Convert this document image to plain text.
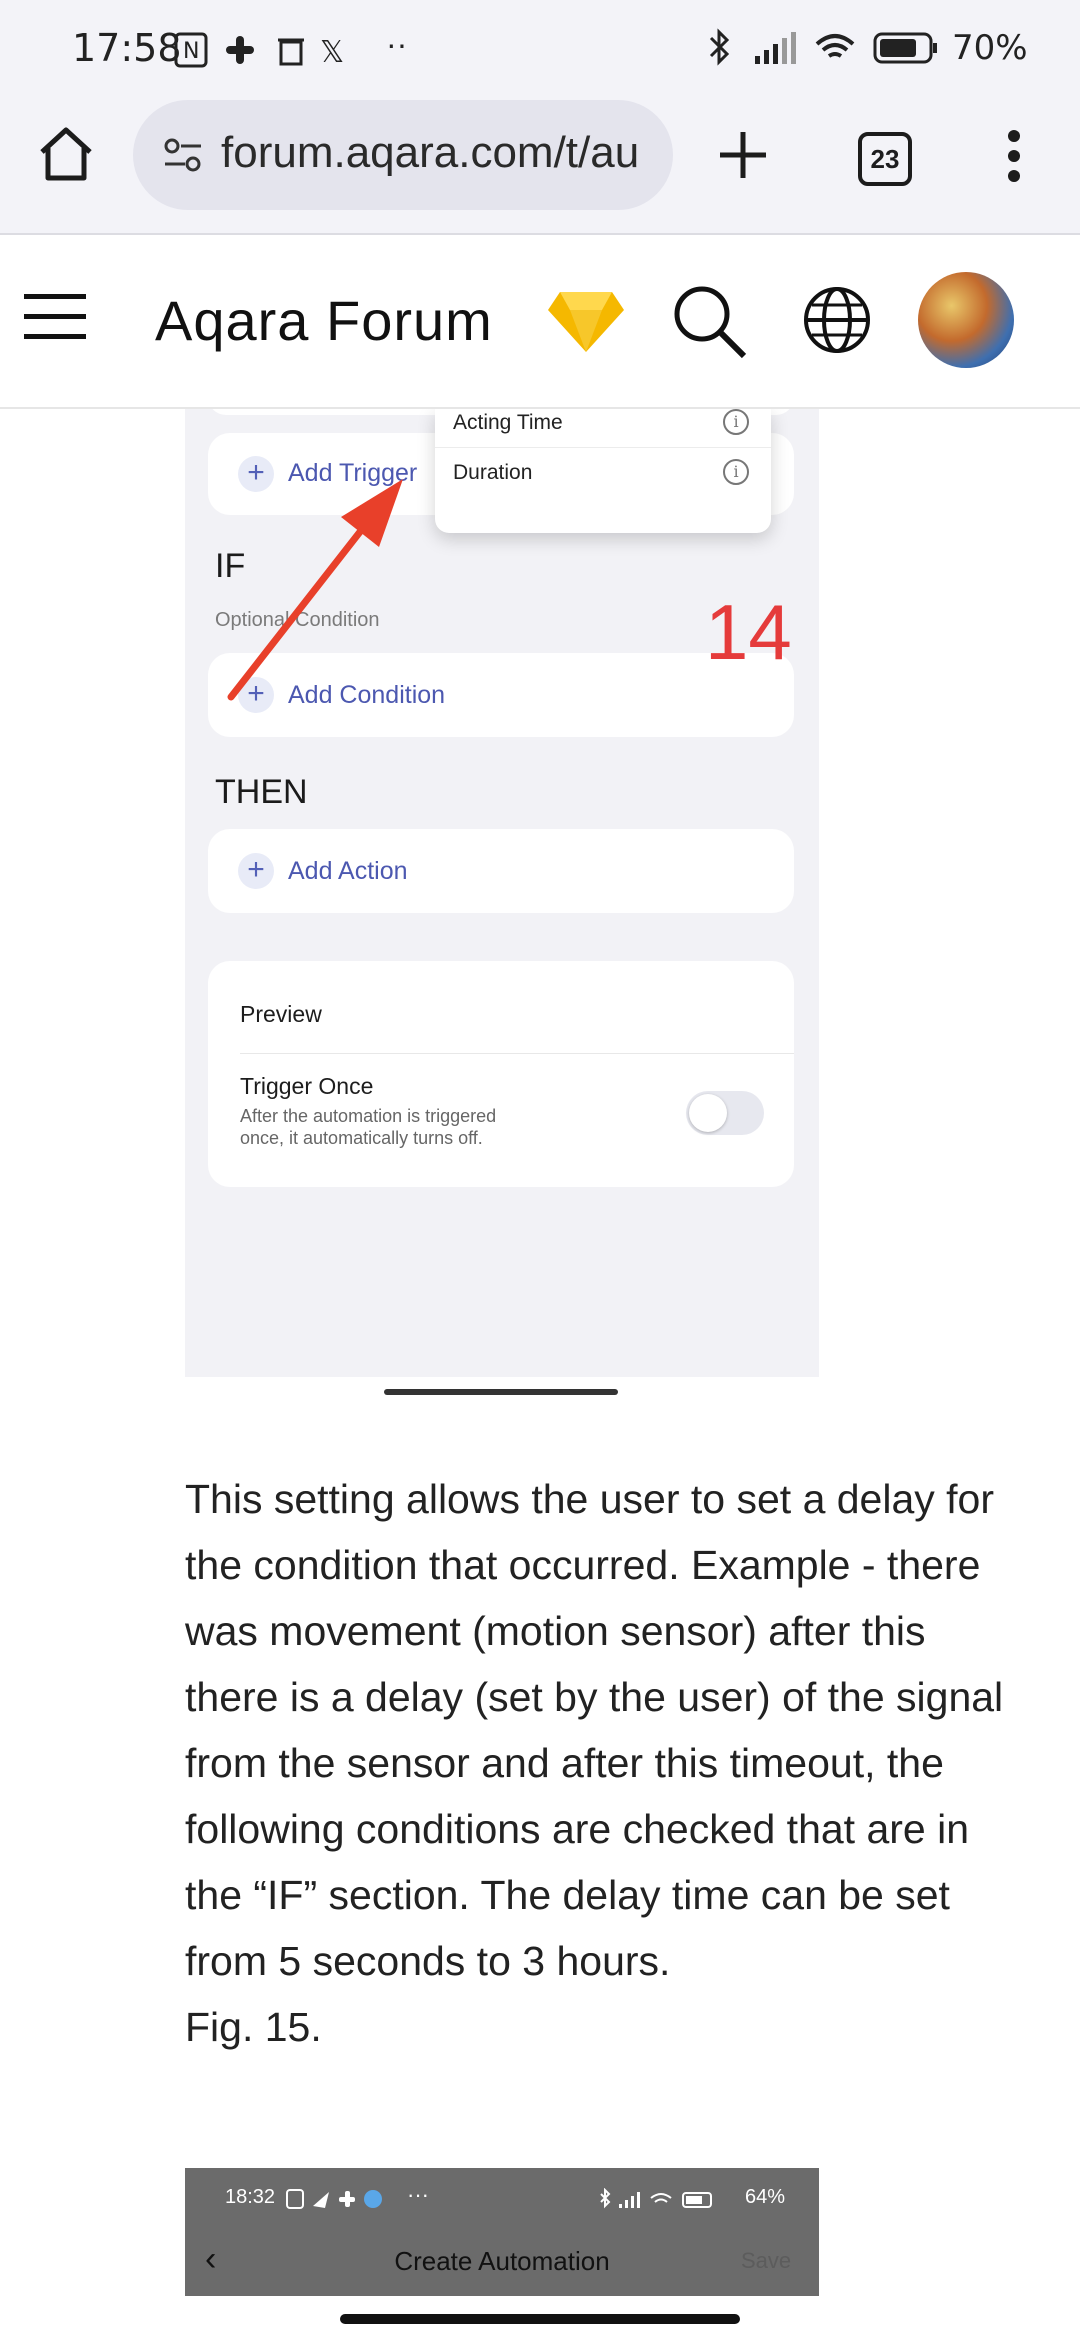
17:58 N	𝕏 ··	70%
forum.aqara.com/t/au	23
Aqara Forum
+ Add Trigger
IF
Optional Condition
+ Add Condition
THEN
+ Add Action
Preview
Trigger Once
After the automation is triggered once, it automatically turns off.
Acting Time	i
Duration	i
14

This setting allows the user to set a delay for the condition that occurred. Example - there was movement (motion sensor) after this there is a delay (set by the user) of the signal from the sensor and after this timeout, the following conditions are checked that are in the “IF” section. The delay time can be set from 5 seconds to 3 hours.

Fig. 15.

18:32	···	64%
‹	Create Automation	Save
